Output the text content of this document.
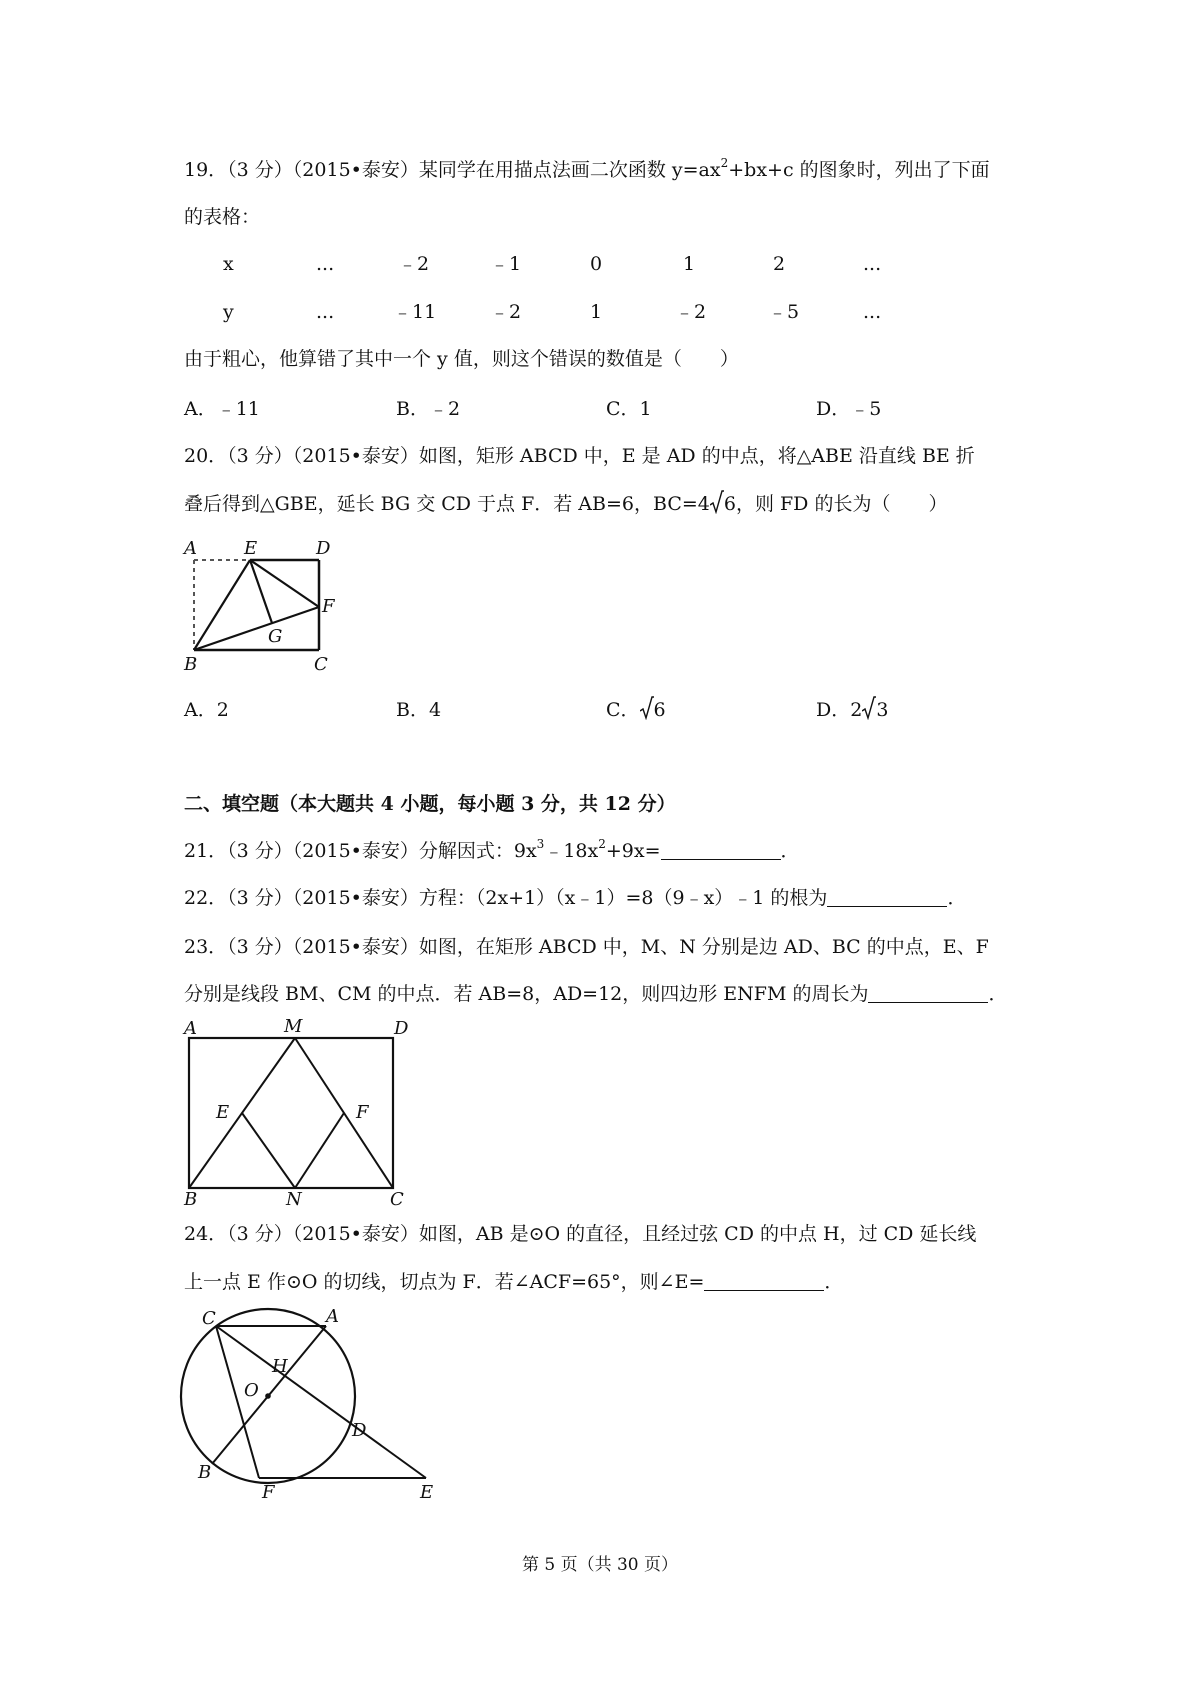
19．（3 分）（2015•泰安）某同学在用描点法画二次函数 $y=ax^2+bx+c$ 的图象时，列出了下面
的表格：
x	...	﹣2	﹣1	0	1	2	...
y	...	﹣11	﹣2	1	﹣2	﹣5	...
由于粗心，他算错了其中一个 y 值，则这个错误的数值是（　　）
A．﹣11	B．﹣2	C．1	D．﹣5
20．（3 分）（2015•泰安）如图，矩形 ABCD 中，E 是 AD 的中点，将△ABE 沿直线 BE 折
叠后得到△GBE，延长 BG 交 CD 于点 F．若 AB=6，BC=4 6，则 FD 的长为（　　）
A	E	D
F
G
B	C
A．2	B．4	C． 6	D．2 3
二、填空题（本大题共 4 小题，每小题 3 分，共 12 分）
21．（3 分）（2015•泰安）分解因式：$9x^3﹣18x^2+9x=$	．
22．（3 分）（2015•泰安）方程：（2x+1）（x﹣1）=8（9﹣x）﹣1 的根为	．
23．（3 分）（2015•泰安）如图，在矩形 ABCD 中，M、N 分别是边 AD、BC 的中点，E、F
分别是线段 BM、CM 的中点．若 AB=8，AD=12，则四边形 ENFM 的周长为	．
A	M	D
E	F
B	N	C
24．（3 分）（2015•泰安）如图，AB 是⊙O 的直径，且经过弦 CD 的中点 H，过 CD 延长线
上一点 E 作⊙O 的切线，切点为 F．若∠ACF=65°，则∠E=	．
C	A
H
O
D
B
F	E
第 5 页（共 30 页）
